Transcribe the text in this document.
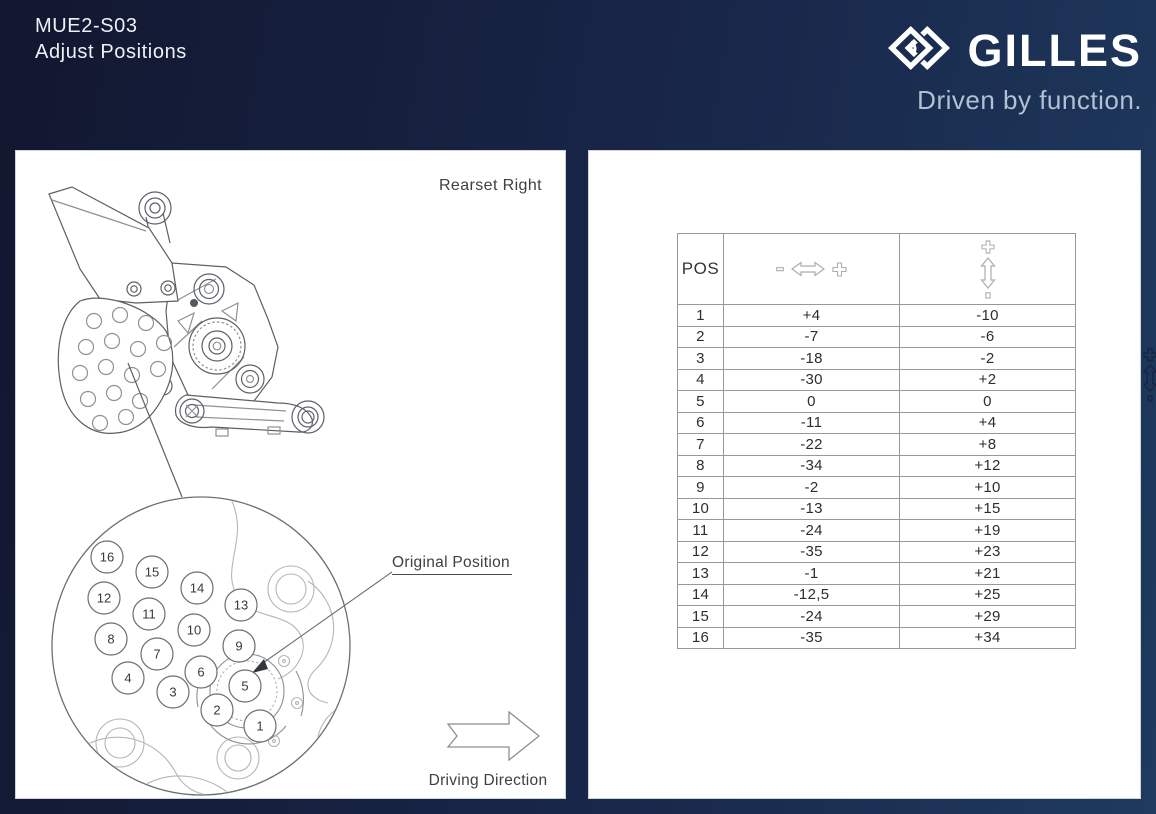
MUE2-S03
Adjust Positions	GILLES
Driven by function.
16
15
14
13
12
11
10
9
8
7
6
5
4
3
2
1
Rearset Right
Original Position
Driving Direction
POS	

1	+4	-10
2	-7	-6
3	-18	-2
4	-30	+2
5	0	0
6	-11	+4
7	-22	+8
8	-34	+12
9	-2	+10
10	-13	+15
11	-24	+19
12	-35	+23
13	-1	+21
14	-12,5	+25
15	-24	+29
16	-35	+34
